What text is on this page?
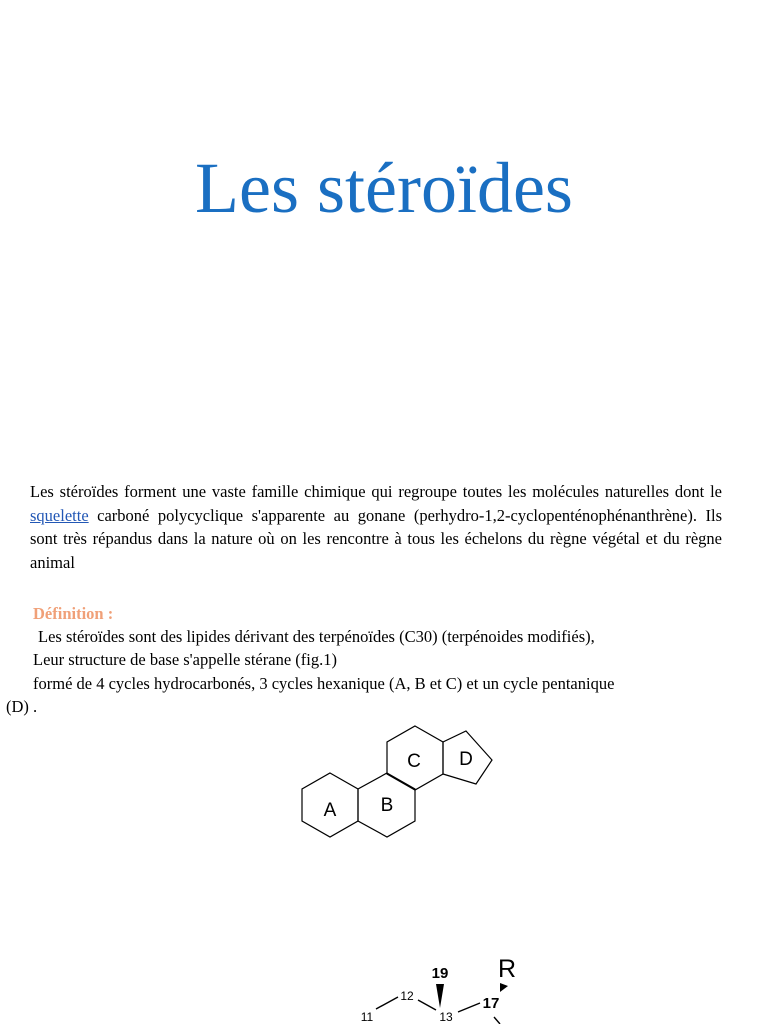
Les stéroïdes
Les stéroïdes forment une vaste famille chimique qui regroupe toutes les molécules naturelles dont le squelette carboné polycyclique s'apparente au gonane (perhydro-1,2-cyclopenténophénanthrène). Ils sont très répandus dans la nature où on les rencontre à tous les échelons du règne végétal et du règne animal
Définition :
Les stéroïdes sont des lipides dérivant des terpénoïdes (C30) (terpénoides modifiés),
Leur structure de base s'appelle stérane (fig.1)
formé de 4 cycles hydrocarbonés, 3 cycles hexanique (A, B et C) et un cycle pentanique
(D) .
A B
C D
R
19
17
12
13
11
